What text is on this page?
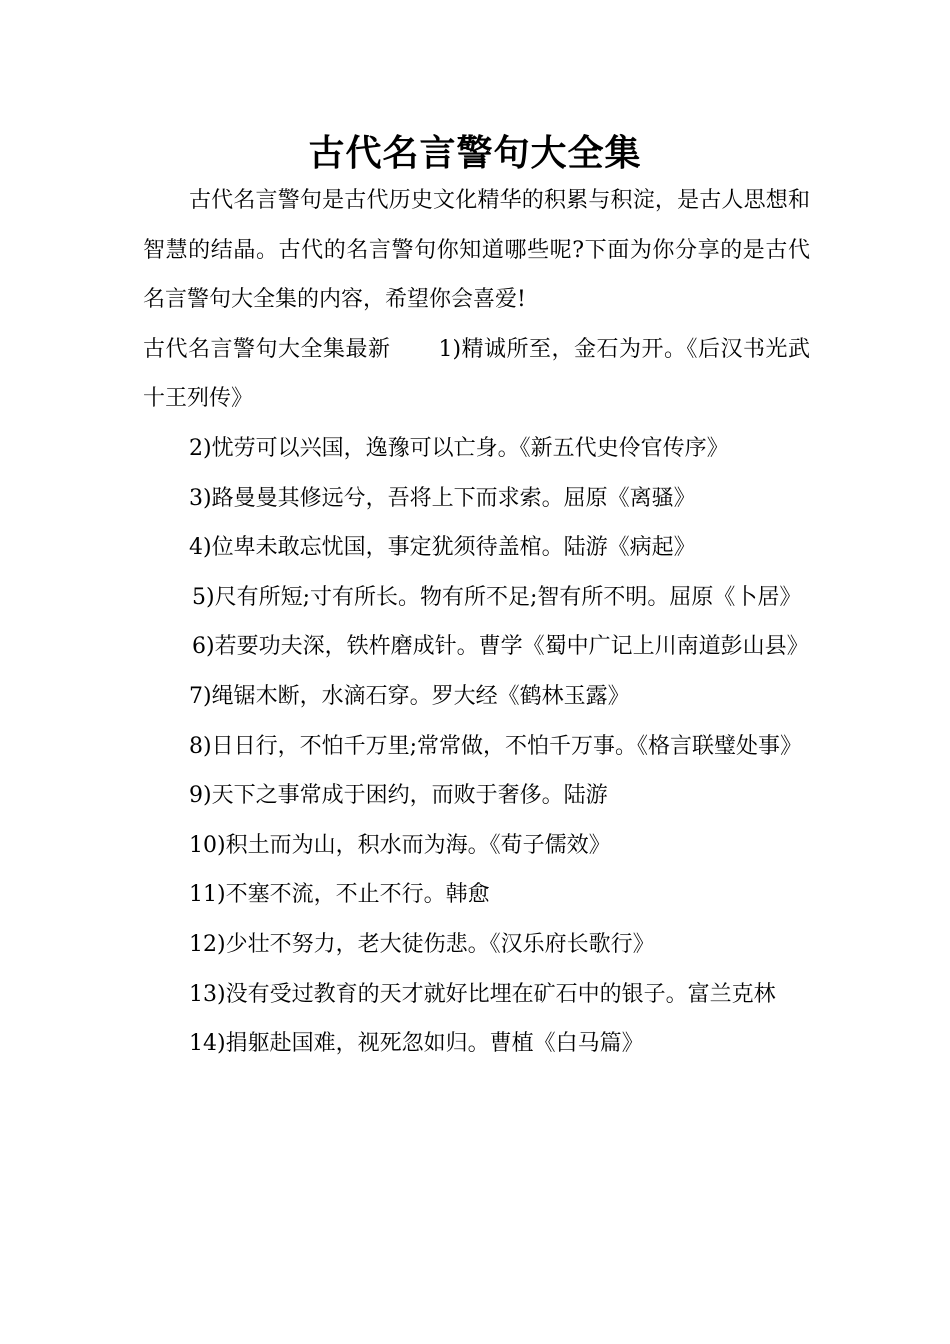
古代名言警句大全集

古代名言警句是古代历史文化精华的积累与积淀，是古人思想和智慧的结晶。古代的名言警句你知道哪些呢?下面为你分享的是古代名言警句大全集的内容，希望你会喜爱!

古代名言警句大全集最新 1)精诚所至，金石为开。《后汉书光武十王列传》

2)忧劳可以兴国，逸豫可以亡身。《新五代史伶官传序》

3)路曼曼其修远兮，吾将上下而求索。屈原《离骚》

4)位卑未敢忘忧国，事定犹须待盖棺。陆游《病起》

5)尺有所短;寸有所长。物有所不足;智有所不明。屈原《卜居》

6)若要功夫深，铁杵磨成针。曹学《蜀中广记上川南道彭山县》

7)绳锯木断，水滴石穿。罗大经《鹤林玉露》

8)日日行，不怕千万里;常常做，不怕千万事。《格言联璧处事》

9)天下之事常成于困约，而败于奢侈。陆游

10)积土而为山，积水而为海。《荀子儒效》

11)不塞不流，不止不行。韩愈

12)少壮不努力，老大徒伤悲。《汉乐府长歌行》

13)没有受过教育的天才就好比埋在矿石中的银子。富兰克林

14)捐躯赴国难，视死忽如归。曹植《白马篇》
